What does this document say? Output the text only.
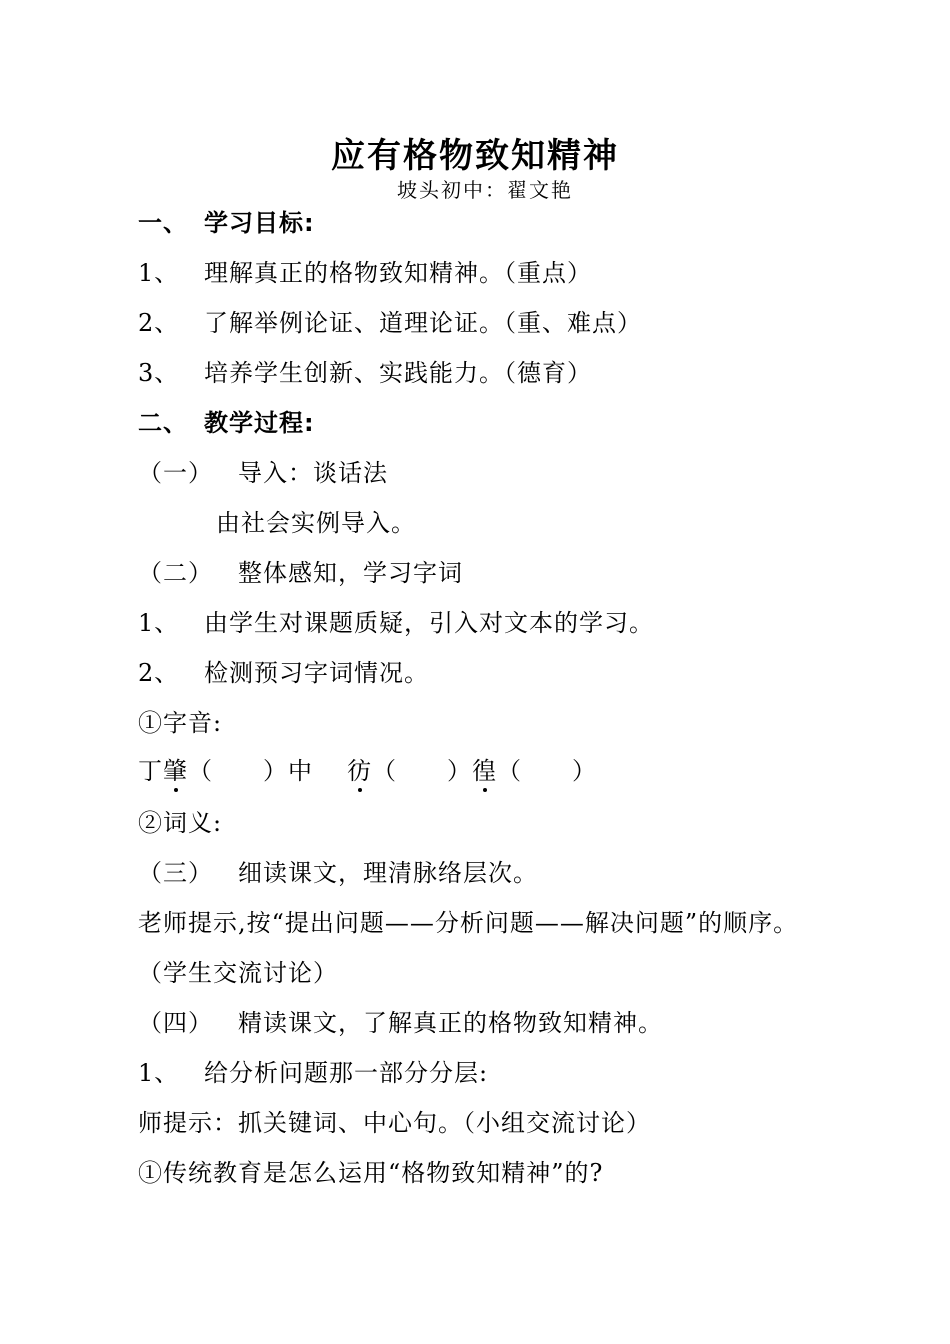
应有格物致知精神
坡头初中：翟文艳
一、 学习目标:
1、 理解真正的格物致知精神。（重点）
2、 了解举例论证、道理论证。（重、难点）
3、 培养学生创新、实践能力。（德育）
二、 教学过程:
（一） 导入：谈话法
由社会实例导入。
（二） 整体感知，学习字词
1、 由学生对课题质疑，引入对文本的学习。
2、 检测预习字词情况。
①字音:
丁肇（　　）中 彷（　　）徨（　　）
②词义:
（三） 细读课文，理清脉络层次。
老师提示,按“提出问题——分析问题——解决问题”的顺序。
（学生交流讨论）
（四） 精读课文，了解真正的格物致知精神。
1、 给分析问题那一部分分层:
师提示：抓关键词、中心句。（小组交流讨论）
①传统教育是怎么运用“格物致知精神”的?
